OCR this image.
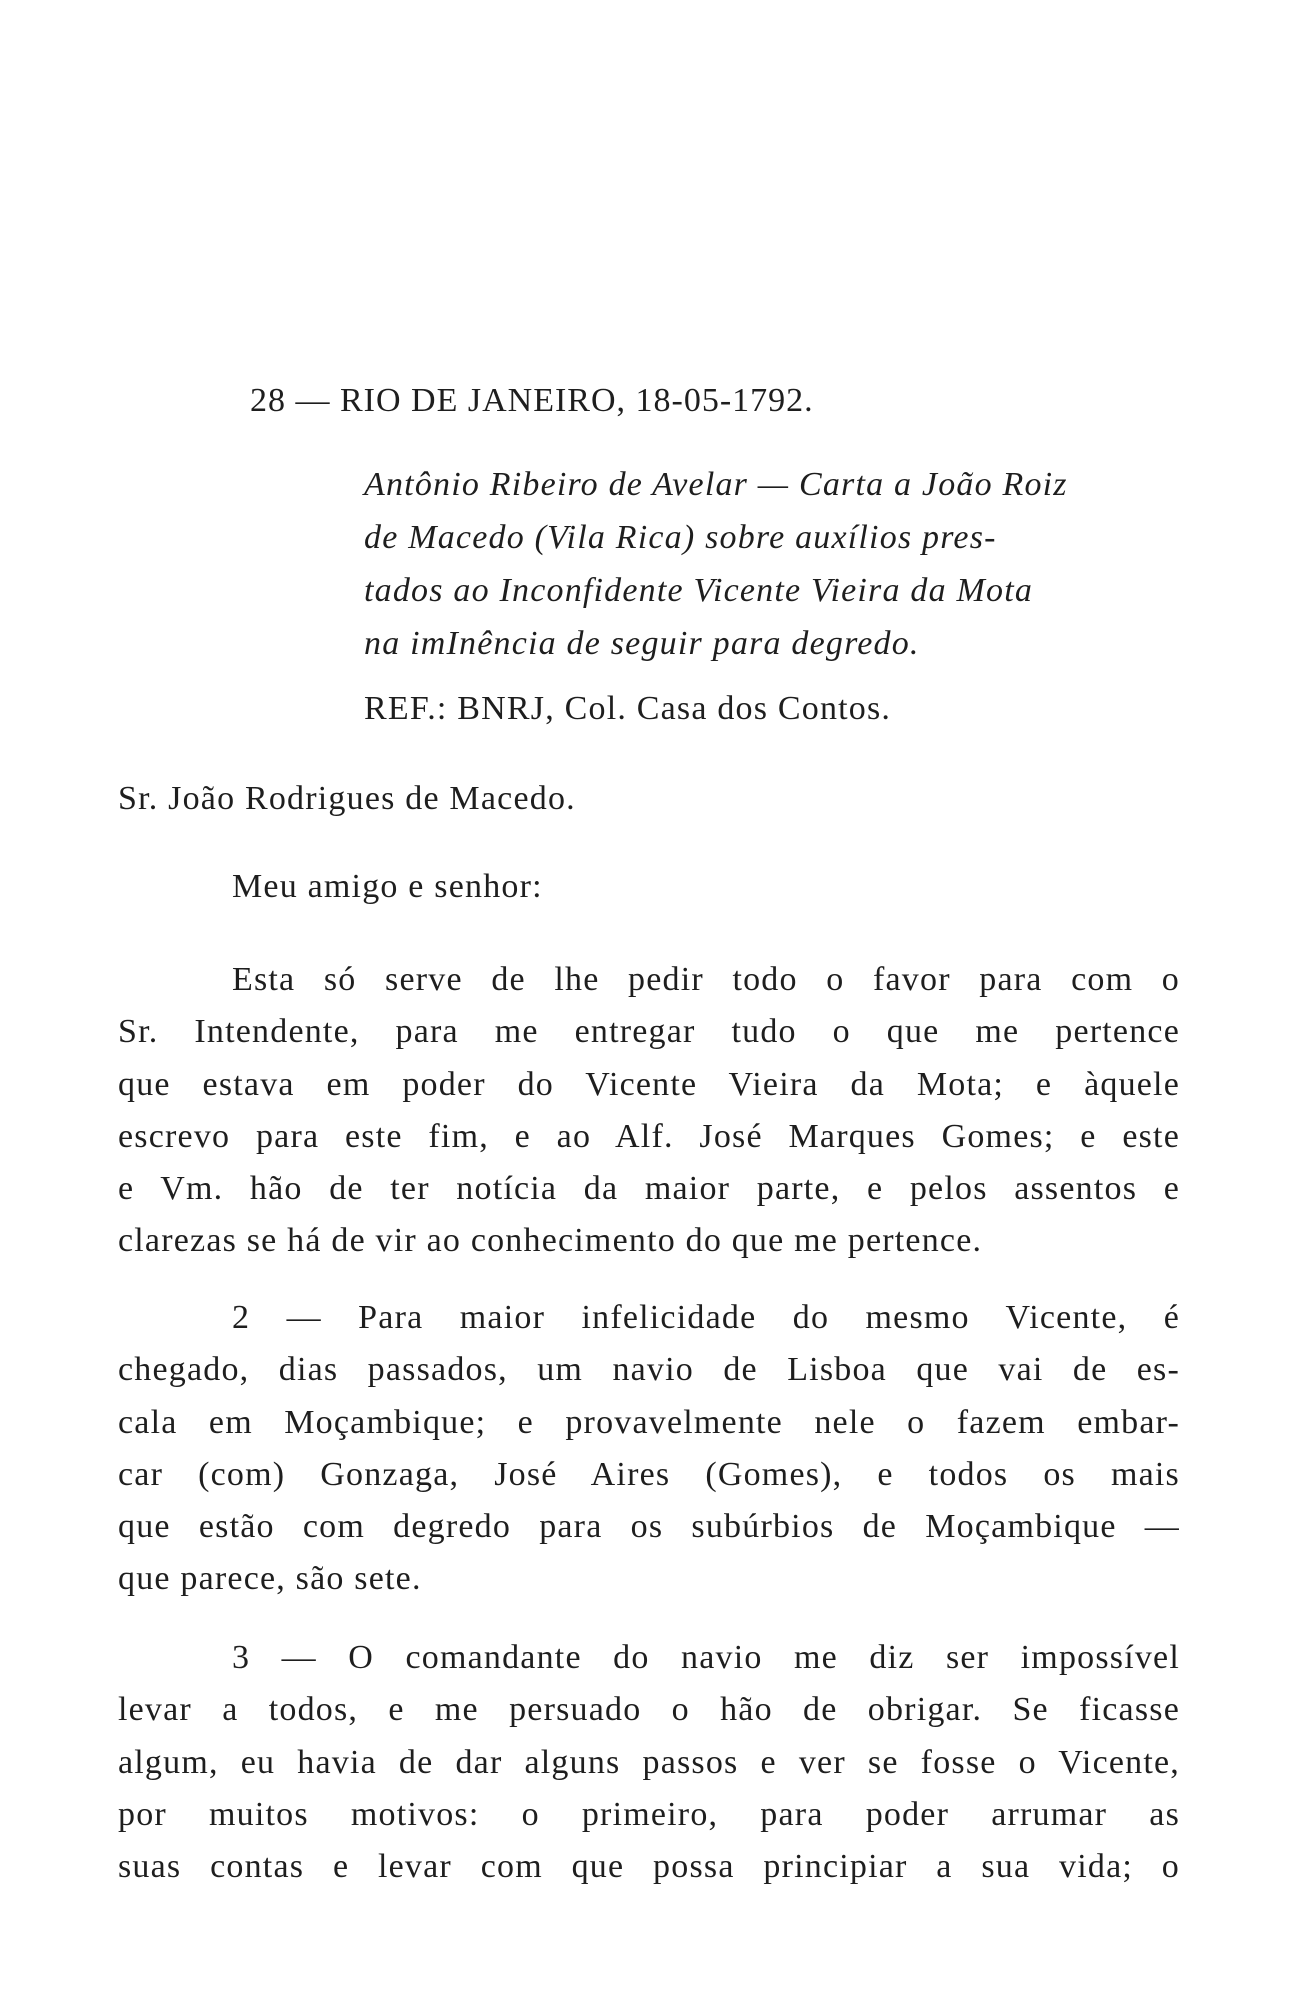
28 — RIO DE JANEIRO, 18-05-1792.
Antônio Ribeiro de Avelar — Carta a João Roiz
de Macedo (Vila Rica) sobre auxílios pres-
tados ao Inconfidente Vicente Vieira da Mota
na imInência de seguir para degredo.
REF.: BNRJ, Col. Casa dos Contos.
Sr. João Rodrigues de Macedo.
Meu amigo e senhor:
Esta só serve de lhe pedir todo o favor para com o
Sr. Intendente, para me entregar tudo o que me pertence
que estava em poder do Vicente Vieira da Mota; e àquele
escrevo para este fim, e ao Alf. José Marques Gomes; e este
e Vm. hão de ter notícia da maior parte, e pelos assentos e
clarezas se há de vir ao conhecimento do que me pertence.
2 — Para maior infelicidade do mesmo Vicente, é
chegado, dias passados, um navio de Lisboa que vai de es-
cala em Moçambique; e provavelmente nele o fazem embar-
car (com) Gonzaga, José Aires (Gomes), e todos os mais
que estão com degredo para os subúrbios de Moçambique —
que parece, são sete.
3 — O comandante do navio me diz ser impossível
levar a todos, e me persuado o hão de obrigar. Se ficasse
algum, eu havia de dar alguns passos e ver se fosse o Vicente,
por muitos motivos: o primeiro, para poder arrumar as
suas contas e levar com que possa principiar a sua vida; o
